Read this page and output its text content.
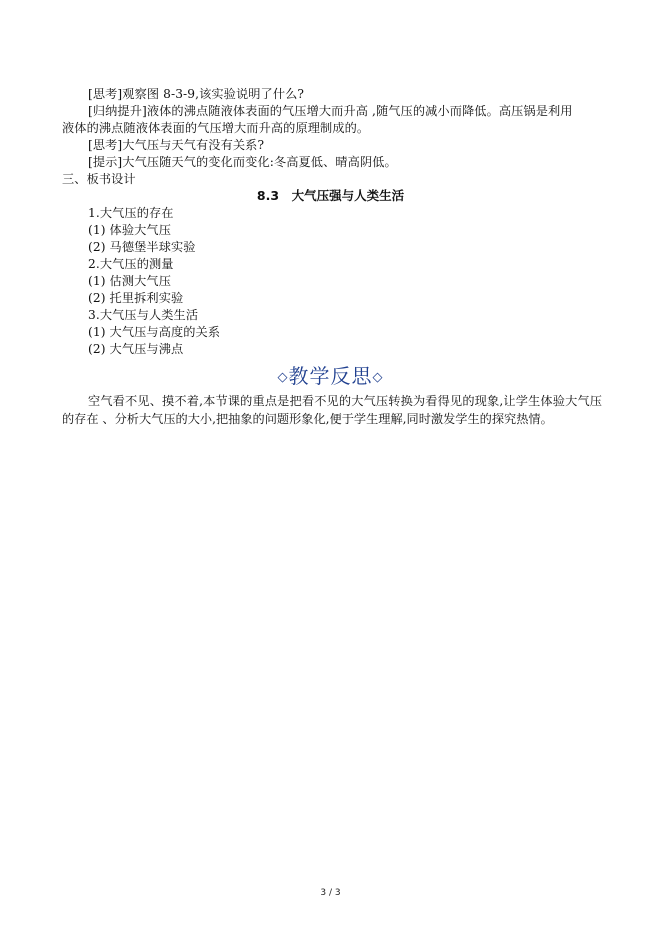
[思考]观察图 8-3-9,该实验说明了什么?
[归纳提升]液体的沸点随液体表面的气压增大而升高 ,随气压的减小而降低。高压锅是利用
液体的沸点随液体表面的气压增大而升高的原理制成的。
[思考]大气压与天气有没有关系?
[提示]大气压随天气的变化而变化:冬高夏低、晴高阴低。
三、板书设计
8.3　大气压强与人类生活
1.大气压的存在
(1) 体验大气压
(2) 马德堡半球实验
2.大气压的测量
(1) 估测大气压
(2) 托里拆利实验
3.大气压与人类生活
(1) 大气压与高度的关系
(2) 大气压与沸点
◇教学反思◇
空气看不见、摸不着,本节课的重点是把看不见的大气压转换为看得见的现象,让学生体验大气压的存在 、分析大气压的大小,把抽象的问题形象化,便于学生理解,同时激发学生的探究热情。
3 / 3
